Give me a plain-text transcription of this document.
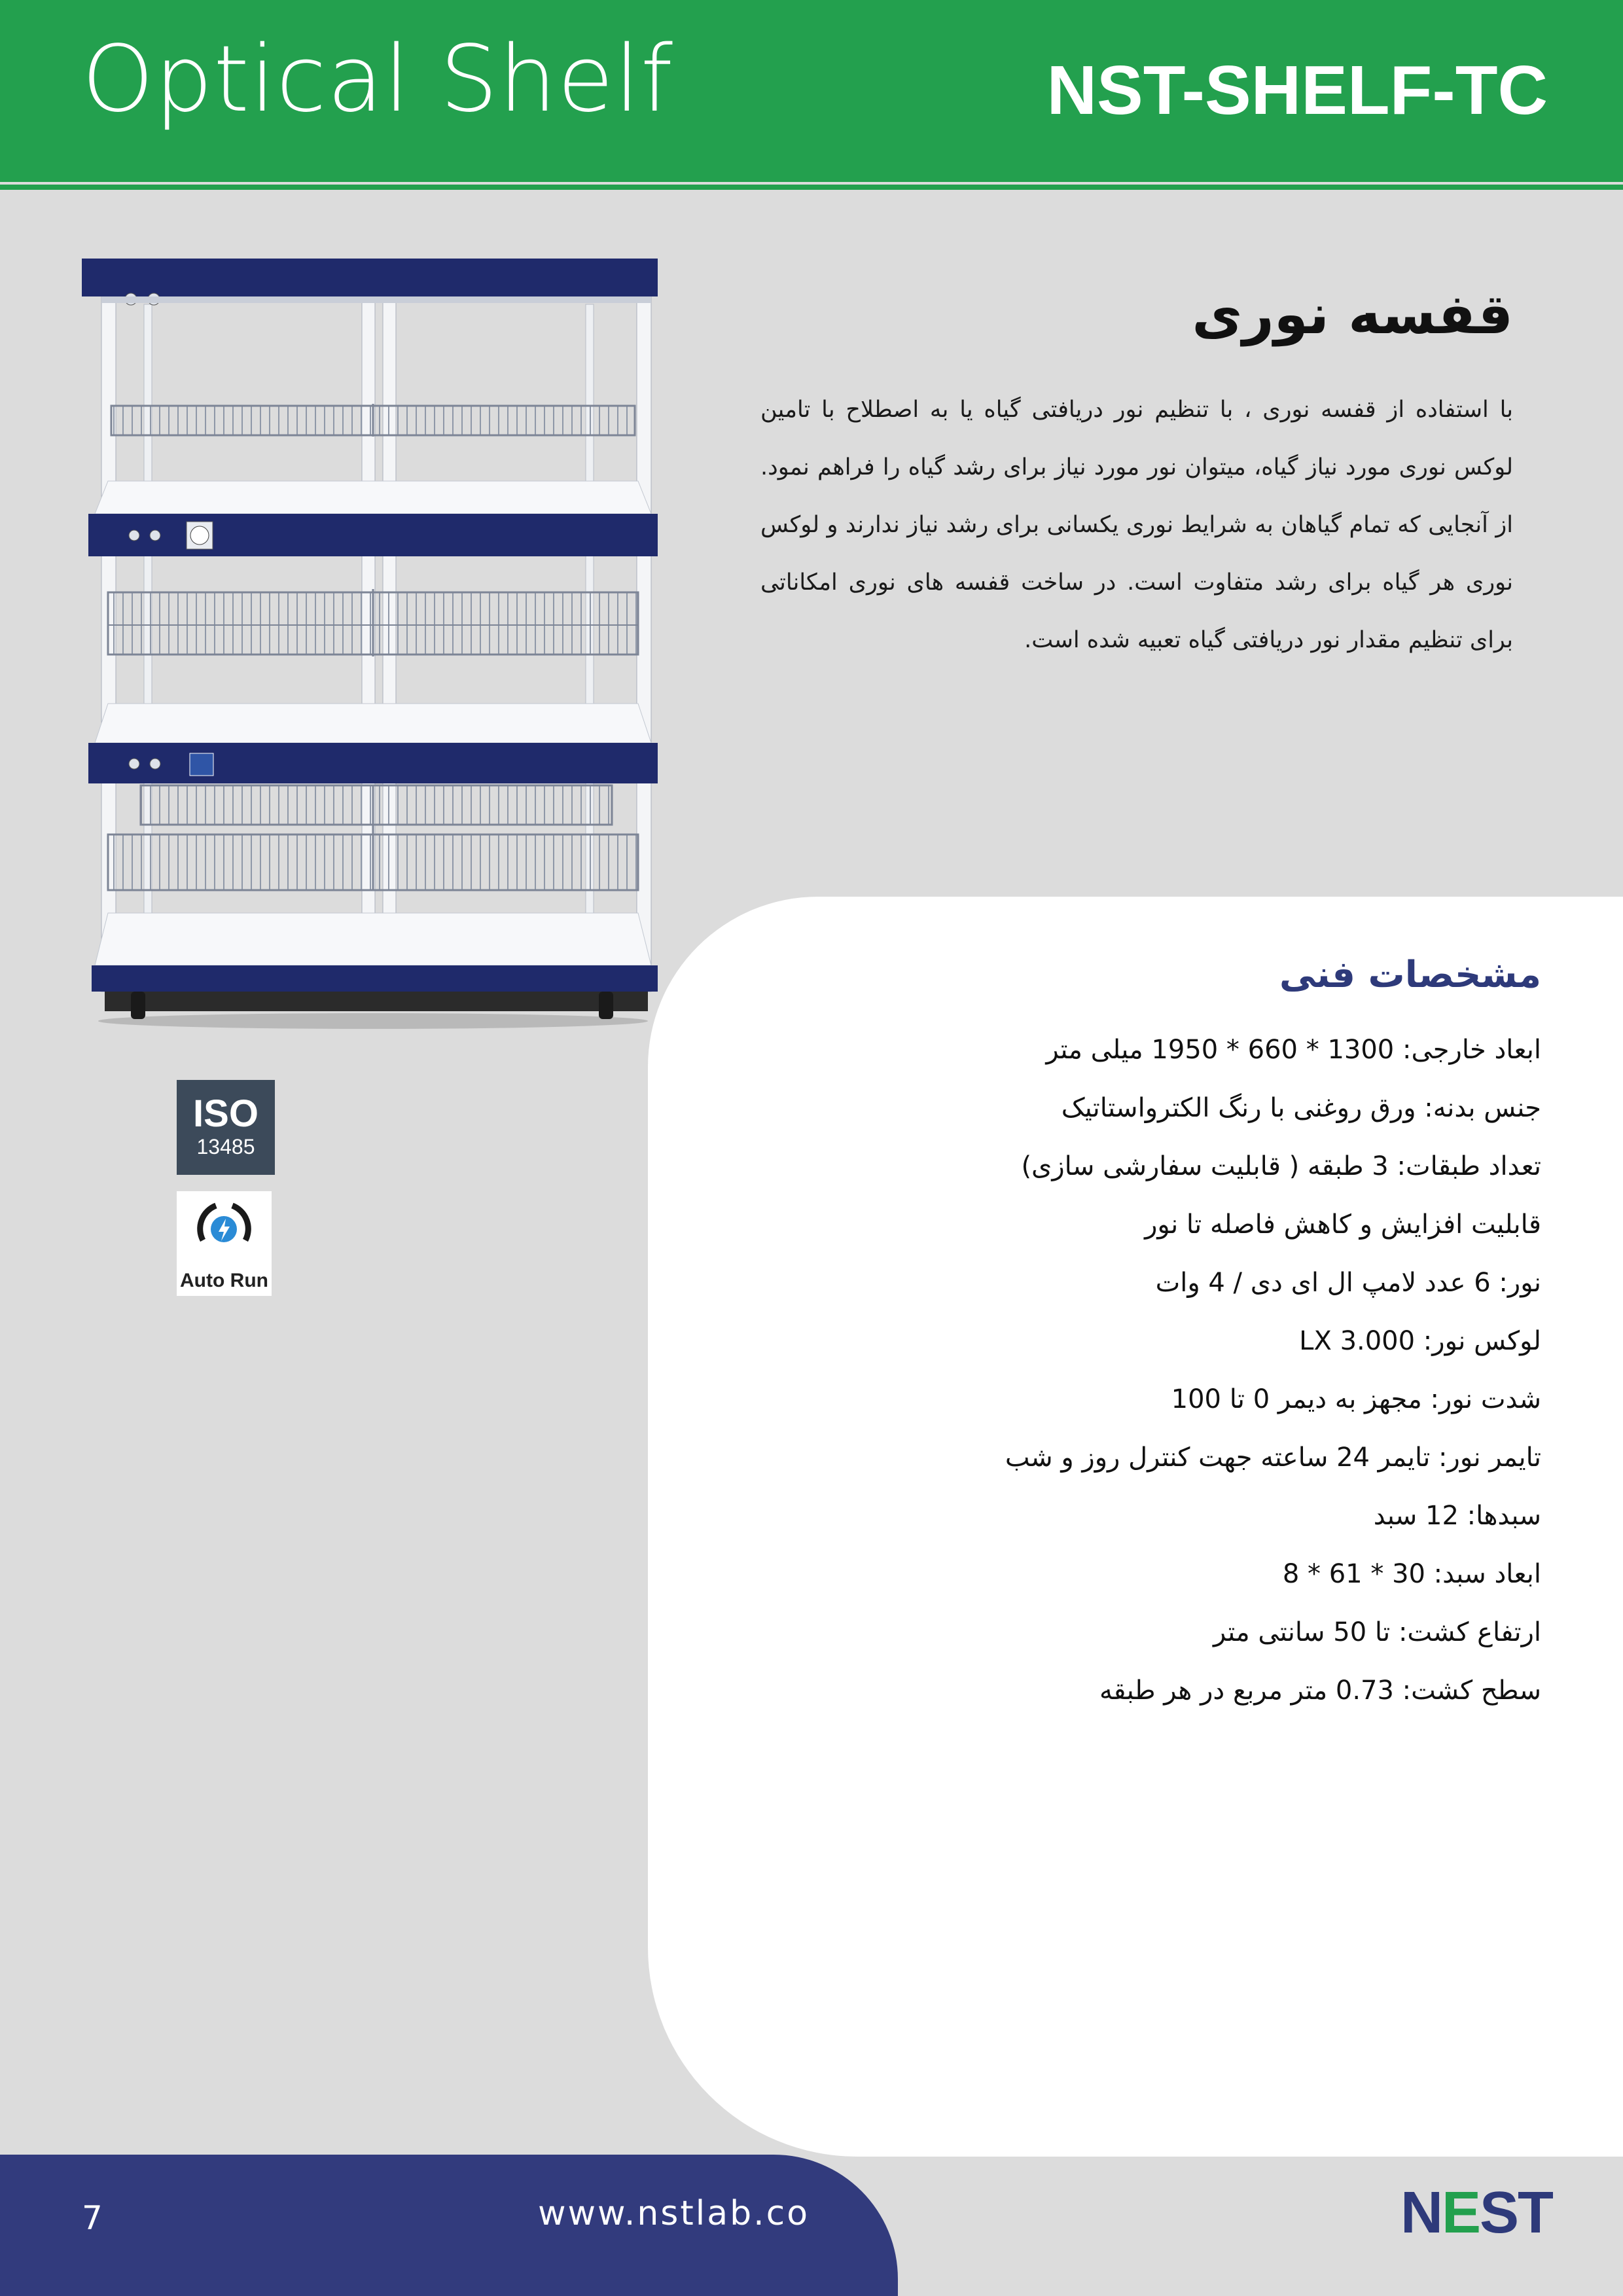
Optical Shelf	NST-SHELF-TC
ISO
13485
Auto Run
قفسه نوری

با استفاده از قفسه نوری ، با تنظیم نور دریافتی گیاه یا به اصطلاح با تامین لوکس نوری مورد نیاز گیاه، میتوان نور مورد نیاز برای رشد گیاه را فراهم نمود. از آنجایی که تمام گیاهان به شرایط نوری یکسانی برای رشد نیاز ندارند و لوکس نوری هر گیاه برای رشد متفاوت است. در ساخت قفسه های نوری امکاناتی برای تنظیم مقدار نور دریافتی گیاه تعبیه شده است.

مشخصات فنی
ابعاد خارجی: 1300 * 660 * 1950 میلی متر
جنس بدنه: ورق روغنی با رنگ الکترواستاتیک
تعداد طبقات: 3 طبقه ( قابلیت سفارشی سازی)
قابلیت افزایش و کاهش فاصله تا نور
نور: 6 عدد لامپ ال ای دی / 4 وات
لوکس نور: 3.000 LX
شدت نور: مجهز به دیمر 0 تا 100
تایمر نور: تایمر 24 ساعته جهت کنترل روز و شب
سبدها: 12 سبد
ابعاد سبد: 30 * 61 * 8
ارتفاع کشت: تا 50 سانتی متر
سطح کشت: 0.73 متر مربع در هر طبقه
7	www.nstlab.co	NEST
